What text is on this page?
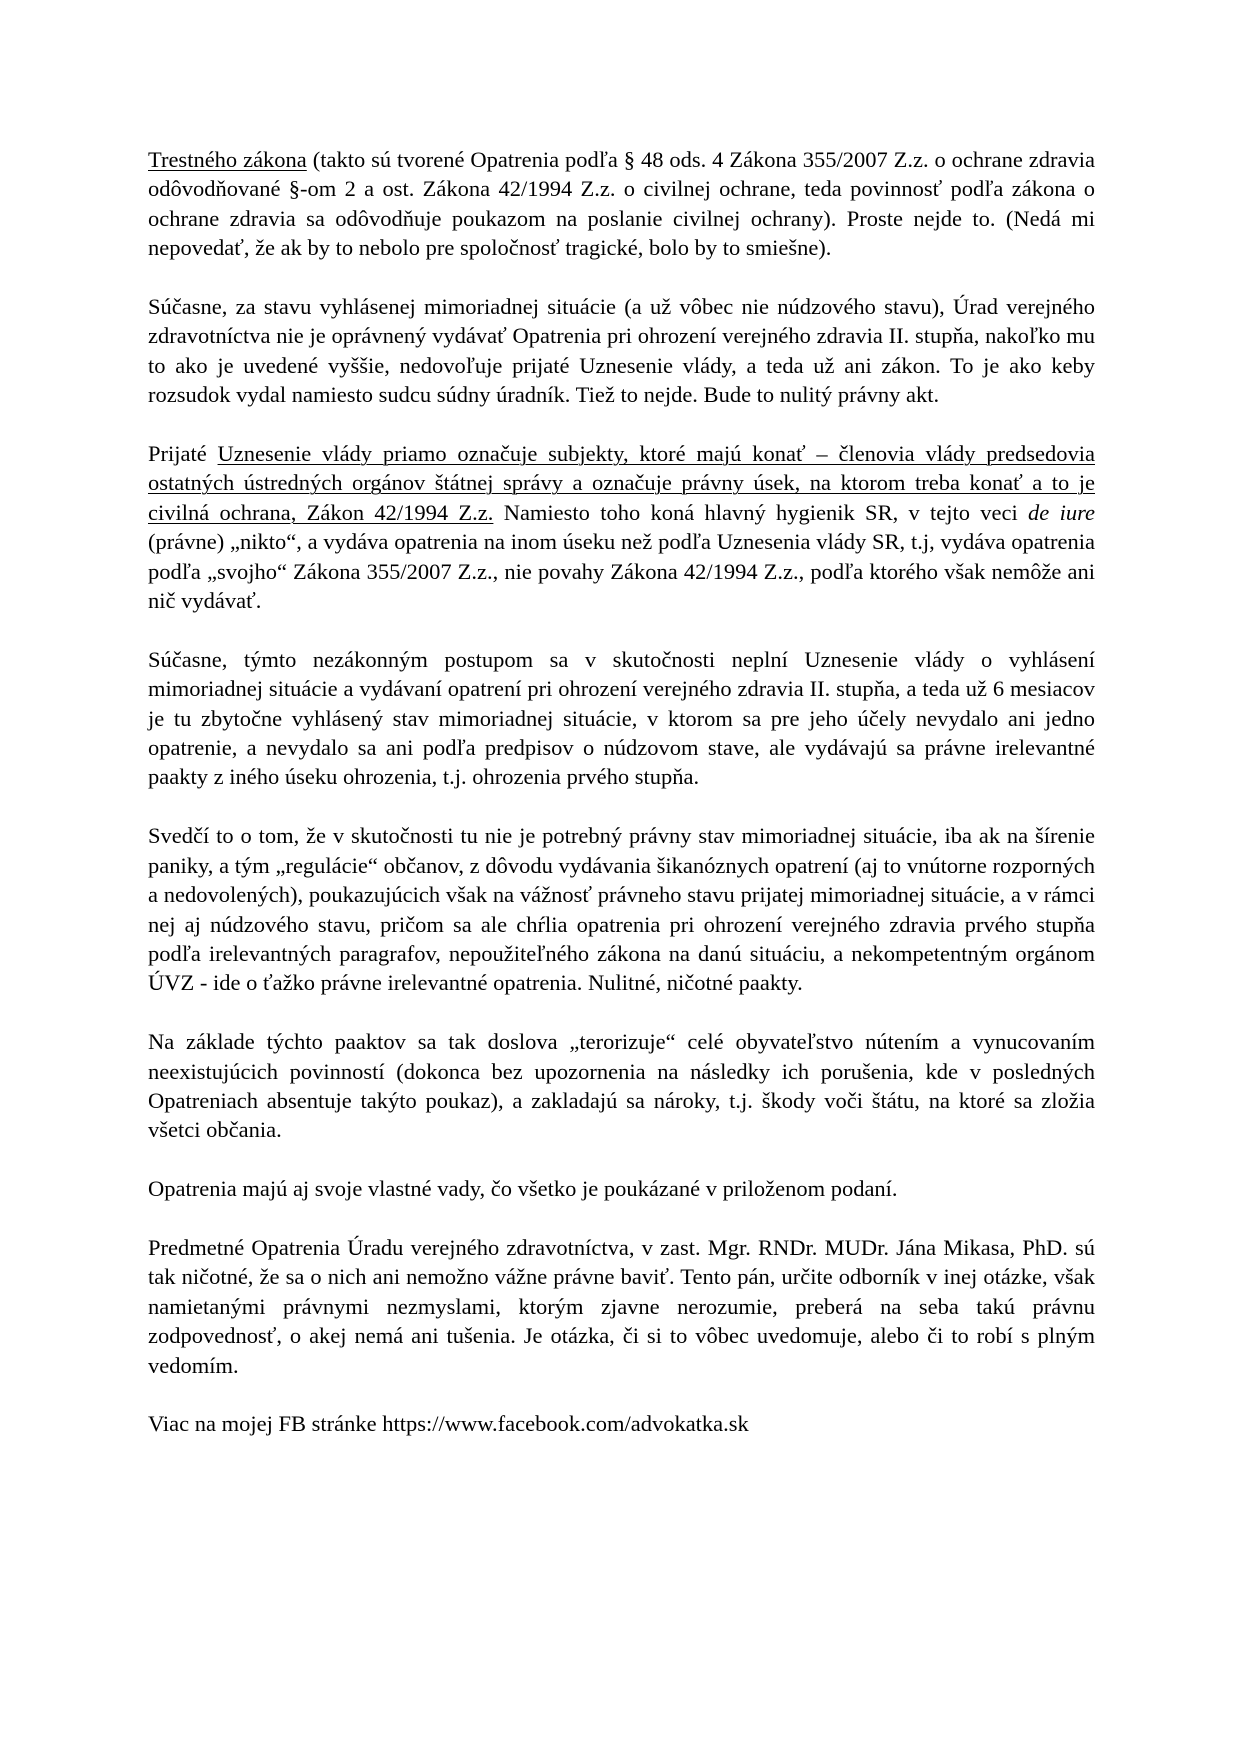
Trestného zákona (takto sú tvorené Opatrenia podľa § 48 ods. 4 Zákona 355/2007 Z.z. o ochrane zdravia odôvodňované §-om 2 a ost. Zákona 42/1994 Z.z. o civilnej ochrane, teda povinnosť podľa zákona o ochrane zdravia sa odôvodňuje poukazom na poslanie civilnej ochrany). Proste nejde to. (Nedá mi nepovedať, že ak by to nebolo pre spoločnosť tragické, bolo by to smiešne).

Súčasne, za stavu vyhlásenej mimoriadnej situácie (a už vôbec nie núdzového stavu), Úrad verejného zdravotníctva nie je oprávnený vydávať Opatrenia pri ohrození verejného zdravia II. stupňa, nakoľko mu to ako je uvedené vyššie, nedovoľuje prijaté Uznesenie vlády, a teda už ani zákon. To je ako keby rozsudok vydal namiesto sudcu súdny úradník. Tiež to nejde. Bude to nulitý právny akt.

Prijaté Uznesenie vlády priamo označuje subjekty, ktoré majú konať – členovia vlády predsedovia ostatných ústredných orgánov štátnej správy a označuje právny úsek, na ktorom treba konať a to je civilná ochrana, Zákon 42/1994 Z.z. Namiesto toho koná hlavný hygienik SR, v tejto veci de iure (právne) „nikto“, a vydáva opatrenia na inom úseku než podľa Uznesenia vlády SR, t.j, vydáva opatrenia podľa „svojho“ Zákona 355/2007 Z.z., nie povahy Zákona 42/1994 Z.z., podľa ktorého však nemôže ani nič vydávať.

Súčasne, týmto nezákonným postupom sa v skutočnosti neplní Uznesenie vlády o vyhlásení mimoriadnej situácie a vydávaní opatrení pri ohrození verejného zdravia II. stupňa, a teda už 6 mesiacov je tu zbytočne vyhlásený stav mimoriadnej situácie, v ktorom sa pre jeho účely nevydalo ani jedno opatrenie, a nevydalo sa ani podľa predpisov o núdzovom stave, ale vydávajú sa právne irelevantné paakty z iného úseku ohrozenia, t.j. ohrozenia prvého stupňa.

Svedčí to o tom, že v skutočnosti tu nie je potrebný právny stav mimoriadnej situácie, iba ak na šírenie paniky, a tým „regulácie“ občanov, z dôvodu vydávania šikanóznych opatrení (aj to vnútorne rozporných a nedovolených), poukazujúcich však na vážnosť právneho stavu prijatej mimoriadnej situácie, a v rámci nej aj núdzového stavu, pričom sa ale chŕlia opatrenia pri ohrození verejného zdravia prvého stupňa podľa irelevantných paragrafov, nepoužiteľného zákona na danú situáciu, a nekompetentným orgánom ÚVZ - ide o ťažko právne irelevantné opatrenia. Nulitné, ničotné paakty.

Na základe týchto paaktov sa tak doslova „terorizuje“ celé obyvateľstvo nútením a vynucovaním neexistujúcich povinností (dokonca bez upozornenia na následky ich porušenia, kde v posledných Opatreniach absentuje takýto poukaz), a zakladajú sa nároky, t.j. škody voči štátu, na ktoré sa zložia všetci občania.

Opatrenia majú aj svoje vlastné vady, čo všetko je poukázané v priloženom podaní.

Predmetné Opatrenia Úradu verejného zdravotníctva, v zast. Mgr. RNDr. MUDr. Jána Mikasa, PhD. sú tak ničotné, že sa o nich ani nemožno vážne právne baviť. Tento pán, určite odborník v inej otázke, však namietanými právnymi nezmyslami, ktorým zjavne nerozumie, preberá na seba takú právnu zodpovednosť, o akej nemá ani tušenia. Je otázka, či si to vôbec uvedomuje, alebo či to robí s plným vedomím.

Viac na mojej FB stránke https://www.facebook.com/advokatka.sk
